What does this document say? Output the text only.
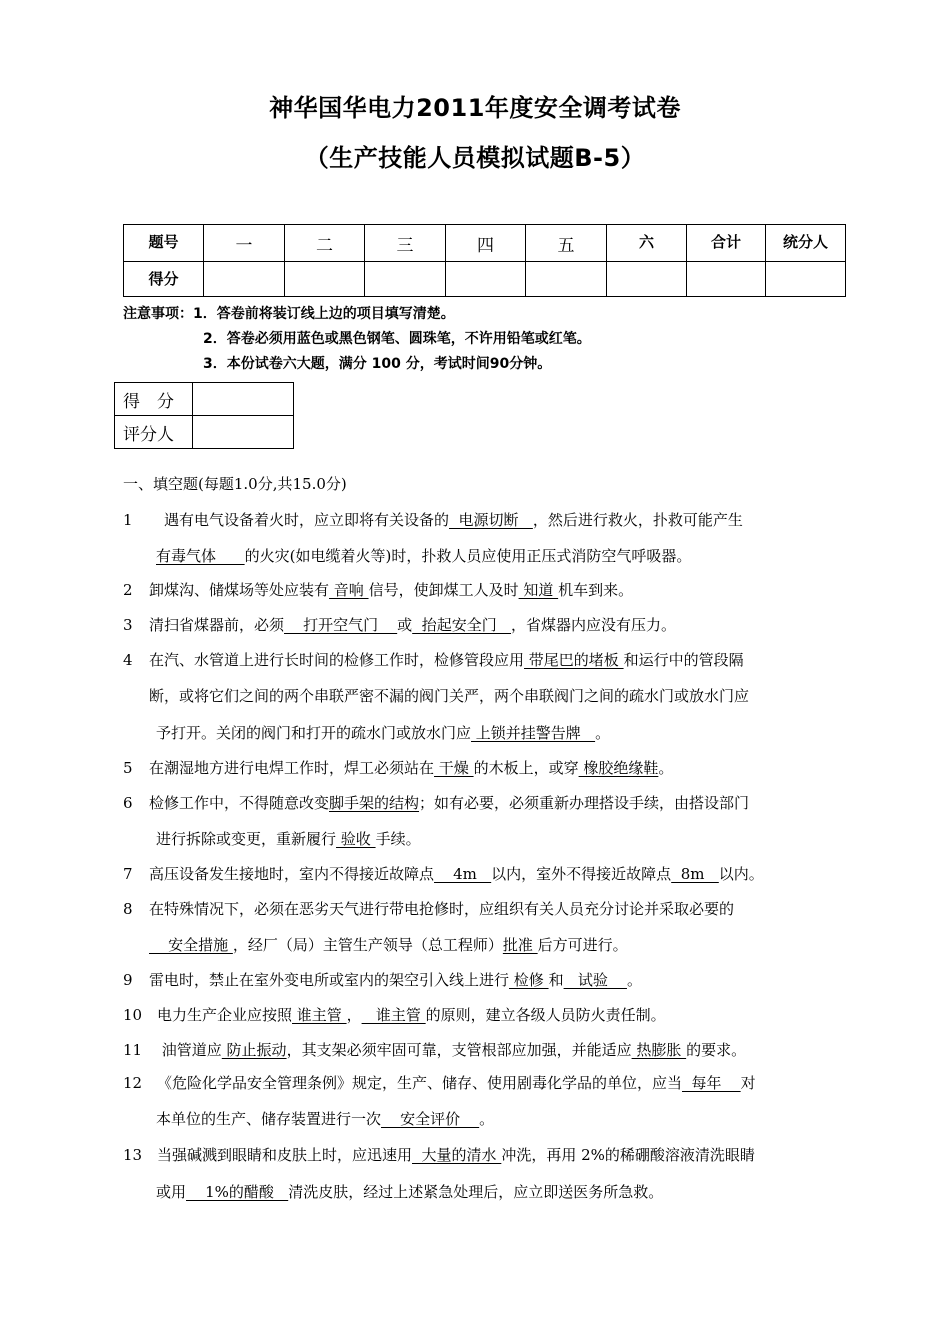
神华国华电力2011年度安全调考试卷
（生产技能人员模拟试题B-5）
题号	一	二	三	四	五	六	合计	统分人
得分								
注意事项：1．答卷前将装订线上边的项目填写清楚。
2．答卷必须用蓝色或黑色钢笔、圆珠笔，不许用铅笔或红笔。
3．本份试卷六大题，满分 100 分，考试时间90分钟。
得　分	
评分人	
一、填空题(每题1.0分,共15.0分)
1　遇有电气设备着火时，应立即将有关设备的  电源切断   ，然后进行救火，扑救可能产生
有毒气体      的火灾(如电缆着火等)时，扑救人员应使用正压式消防空气呼吸器。
2 卸煤沟、储煤场等处应装有 音响 信号，使卸煤工人及时 知道 机车到来。
3 清扫省煤器前，必须    打开空气门    或  抬起安全门   ，省煤器内应没有压力。
4 在汽、水管道上进行长时间的检修工作时，检修管段应用 带尾巴的堵板 和运行中的管段隔
断，或将它们之间的两个串联严密不漏的阀门关严，两个串联阀门之间的疏水门或放水门应
予打开。关闭的阀门和打开的疏水门或放水门应 上锁并挂警告牌   。
5 在潮湿地方进行电焊工作时，焊工必须站在 干燥 的木板上，或穿 橡胶绝缘鞋。
6 检修工作中，不得随意改变脚手架的结构；如有必要，必须重新办理搭设手续，由搭设部门
进行拆除或变更，重新履行 验收 手续。
7 高压设备发生接地时，室内不得接近故障点    4m   以内，室外不得接近故障点  8m   以内。
8 在特殊情况下，必须在恶劣天气进行带电抢修时，应组织有关人员充分讨论并采取必要的
安全措施 ，经厂（局）主管生产领导（总工程师）批准 后方可进行。
9 雷电时，禁止在室外变电所或室内的架空引入线上进行 检修 和   试验    。
10 电力生产企业应按照 谁主管 ，   谁主管 的原则，建立各级人员防火责任制。
11 油管道应 防止振动，其支架必须牢固可靠，支管根部应加强，并能适应 热膨胀 的要求。
12 《危险化学品安全管理条例》规定，生产、储存、使用剧毒化学品的单位，应当  每年    对
本单位的生产、储存装置进行一次    安全评价    。
13 当强碱溅到眼睛和皮肤上时，应迅速用  大量的清水 冲洗，再用 2%的稀硼酸溶液清洗眼睛
或用    1%的醋酸   清洗皮肤，经过上述紧急处理后，应立即送医务所急救。
